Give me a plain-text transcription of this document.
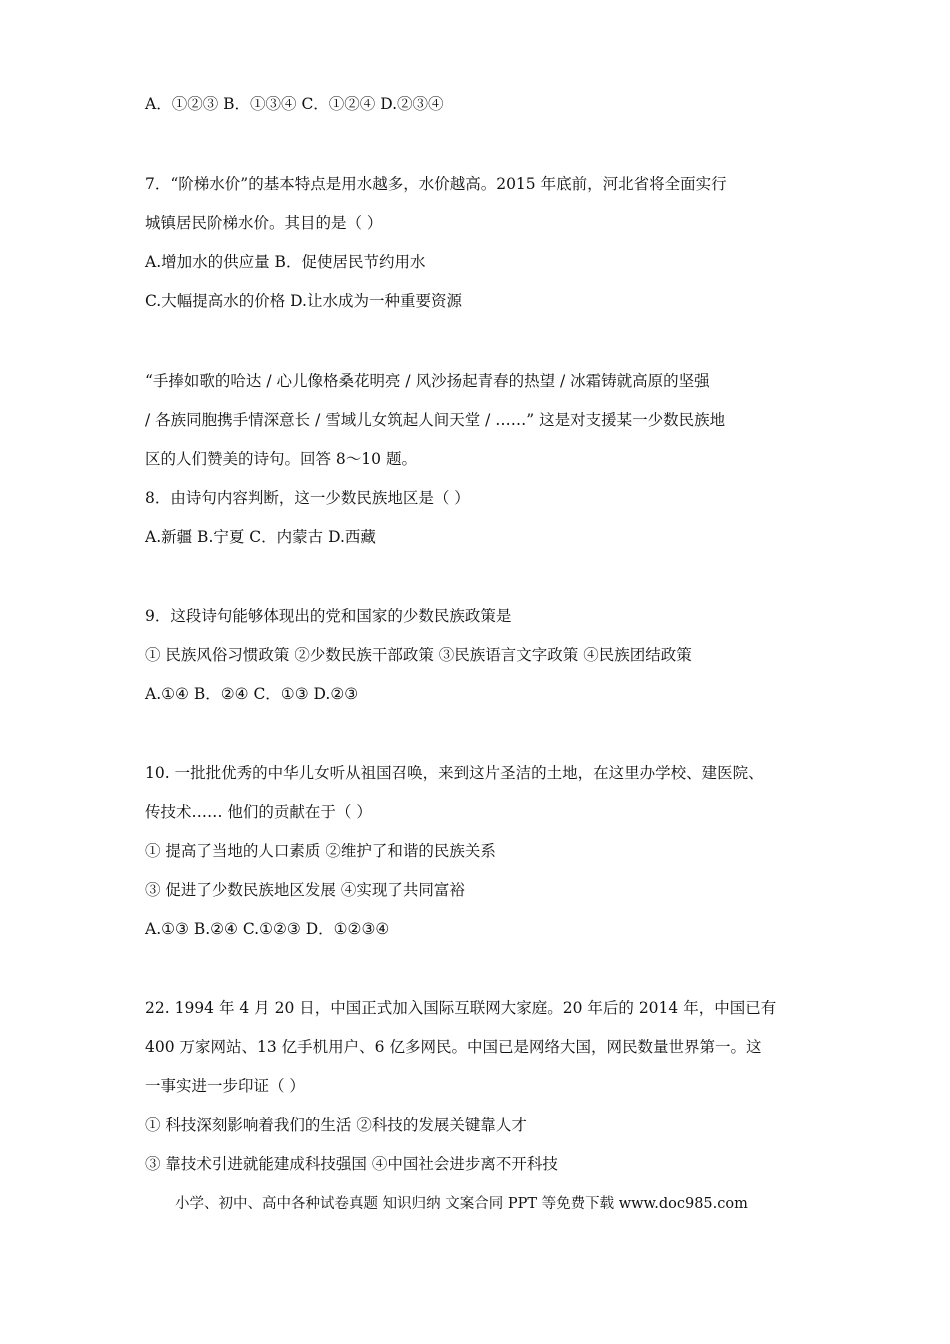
A．①②③ B．①③④ C．①②④ D.②③④
7．“阶梯水价”的基本特点是用水越多，水价越高。2015 年底前，河北省将全面实行
城镇居民阶梯水价。其目的是（ ）
A.增加水的供应量 B．促使居民节约用水
C.大幅提高水的价格 D.让水成为一种重要资源
“手捧如歌的哈达 / 心儿像格桑花明亮 / 风沙扬起青春的热望 / 冰霜铸就高原的坚强
/ 各族同胞携手情深意长 / 雪域儿女筑起人间天堂 / ……” 这是对支援某一少数民族地
区的人们赞美的诗句。回答 8～10 题。
8．由诗句内容判断，这一少数民族地区是（ ）
A.新疆 B.宁夏 C．内蒙古 D.西藏
9．这段诗句能够体现出的党和国家的少数民族政策是
① 民族风俗习惯政策 ②少数民族干部政策 ③民族语言文字政策 ④民族团结政策
A.①④ B．②④ C．①③ D.②③
10. 一批批优秀的中华儿女听从祖国召唤，来到这片圣洁的土地，在这里办学校、建医院、
传技术…… 他们的贡献在于（ ）
① 提高了当地的人口素质 ②维护了和谐的民族关系
③ 促进了少数民族地区发展 ④实现了共同富裕
A.①③ B.②④ C.①②③ D．①②③④
22. 1994 年 4 月 20 日，中国正式加入国际互联网大家庭。20 年后的 2014 年，中国已有
400 万家网站、13 亿手机用户、6 亿多网民。中国已是网络大国，网民数量世界第一。这
一事实进一步印证（ ）
① 科技深刻影响着我们的生活 ②科技的发展关键靠人才
③ 靠技术引进就能建成科技强国 ④中国社会进步离不开科技
小学、初中、高中各种试卷真题 知识归纳 文案合同 PPT 等免费下载 www.doc985.com
